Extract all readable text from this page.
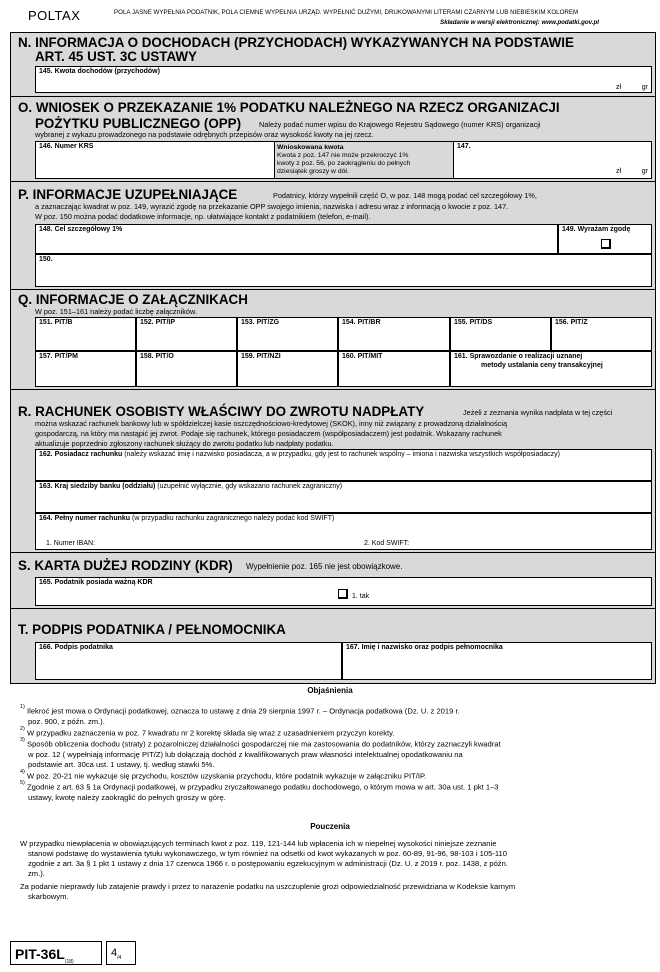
POLTAX	POLA JASNE WYPEŁNIA PODATNIK, POLA CIEMNE WYPEŁNIA URZĄD. WYPEŁNIĆ DUŻYMI, DRUKOWANYMI LITERAMI CZARNYM LUB NIEBIESKIM KOLOREM
Składanie w wersji elektronicznej: www.podatki.gov.pl
N. INFORMACJA O DOCHODACH (PRZYCHODACH) WYKAZYWANYCH NA PODSTAWIE
ART. 45 UST. 3C USTAWY
145. Kwota dochodów (przychodów)
zł	gr
O. WNIOSEK O PRZEKAZANIE 1% PODATKU NALEŻNEGO NA RZECZ ORGANIZACJI
POŻYTKU PUBLICZNEGO (OPP) Należy podać numer wpisu do Krajowego Rejestru Sądowego (numer KRS) organizacji
wybranej z wykazu prowadzonego na podstawie odrębnych przepisów oraz wysokość kwoty na jej rzecz.
146. Numer KRS	Wnioskowana kwota
Kwota z poz. 147 nie może przekroczyć 1%
kwoty z poz. 56, po zaokrągleniu do pełnych
dziesiątek groszy w dół.
147.
zł	gr
P. INFORMACJE UZUPEŁNIAJĄCE	Podatnicy, którzy wypełnili część O, w poz. 148 mogą podać cel szczegółowy 1%,
a zaznaczając kwadrat w poz. 149, wyrazić zgodę na przekazanie OPP swojego imienia, nazwiska i adresu wraz z informacją o kwocie z poz. 147.
W poz. 150 można podać dodatkowe informacje, np. ułatwiające kontakt z podatnikiem (telefon, e-mail).
148. Cel szczegółowy 1%	149. Wyrażam zgodę
150.
Q. INFORMACJE O ZAŁĄCZNIKACH
W poz. 151–161 należy podać liczbę załączników.
151. PIT/B	152. PIT/IP	153. PIT/ZG	154. PIT/BR	155. PIT/DS	156. PIT/Z
157. PIT/PM	158. PIT/O	159. PIT/NZI	160. PIT/MIT	161. Sprawozdanie o realizacji uznanej
metody ustalania ceny transakcyjnej
R. RACHUNEK OSOBISTY WŁAŚCIWY DO ZWROTU NADPŁATY	Jeżeli z zeznania wynika nadpłata w tej części
można wskazać rachunek bankowy lub w spółdzielczej kasie oszczędnościowo-kredytowej (SKOK), inny niż związany z prowadzoną działalnością
gospodarczą, na który ma nastąpić jej zwrot. Podaje się rachunek, którego posiadaczem (współposiadaczem) jest podatnik. Wskazany rachunek
aktualizuje poprzednio zgłoszony rachunek służący do zwrotu podatku lub nadpłaty podatku.
162. Posiadacz rachunku (należy wskazać imię i nazwisko posiadacza, a w przypadku, gdy jest to rachunek wspólny – imiona i nazwiska wszystkich współposiadaczy)
163. Kraj siedziby banku (oddziału) (uzupełnić wyłącznie, gdy wskazano rachunek zagraniczny)
164. Pełny numer rachunku (w przypadku rachunku zagranicznego należy podać kod SWIFT)
1. Numer IBAN:	2. Kod SWIFT:
S. KARTA DUŻEJ RODZINY (KDR) Wypełnienie poz. 165 nie jest obowiązkowe.
165. Podatnik posiada ważną KDR
1. tak
T. PODPIS PODATNIKA / PEŁNOMOCNIKA
166. Podpis podatnika	167. Imię i nazwisko oraz podpis pełnomocnika
Objaśnienia
$^{1)}$ Ilekroć jest mowa o Ordynacji podatkowej, oznacza to ustawę z dnia 29 sierpnia 1997 r. – Ordynacja podatkowa (Dz. U. z 2019 r.
poz. 900, z późn. zm.).
$^{2)}$ W przypadku zaznaczenia w poz. 7 kwadratu nr 2 korektę składa się wraz z uzasadnieniem przyczyn korekty.
$^{3)}$ Sposób obliczenia dochodu (straty) z pozarolniczej działalności gospodarczej nie ma zastosowania do podatników, którzy zaznaczyli kwadrat
w poz. 12 ( wypełniają informację PIT/Z) lub dołączają dochód z kwalifikowanych praw własności intelektualnej opodatkowaniu na
podstawie art. 30ca ust. 1 ustawy, tj. według stawki 5%.
$^{4)}$ W poz. 20-21 nie wykazuje się przychodu, kosztów uzyskania przychodu, które podatnik wykazuje w załączniku PIT/IP.
$^{5)}$ Zgodnie z art. 63 § 1a Ordynacji podatkowej, w przypadku zryczałtowanego podatku dochodowego, o którym mowa w art. 30a ust. 1 pkt 1–3
ustawy, kwotę należy zaokrąglić do pełnych groszy w górę.
Pouczenia
W przypadku niewpłacenia w obowiązujących terminach kwot z poz. 119, 121-144 lub wpłacenia ich w niepełnej wysokości niniejsze zeznanie
stanowi podstawę do wystawienia tytułu wykonawczego, w tym również na odsetki od kwot wykazanych w poz. 60-89, 91-96, 98-103 i 105-110
zgodnie z art. 3a § 1 pkt 1 ustawy z dnia 17 czerwca 1966 r. o postępowaniu egzekucyjnym w administracji (Dz. U. z 2019 r. poz. 1438, z późn.
zm.).
Za podanie nieprawdy lub zatajenie prawdy i przez to narażenie podatku na uszczuplenie grozi odpowiedzialność przewidziana w Kodeksie karnym
skarbowym.
PIT-$36L_{(18)}$
$4_{/4}$
